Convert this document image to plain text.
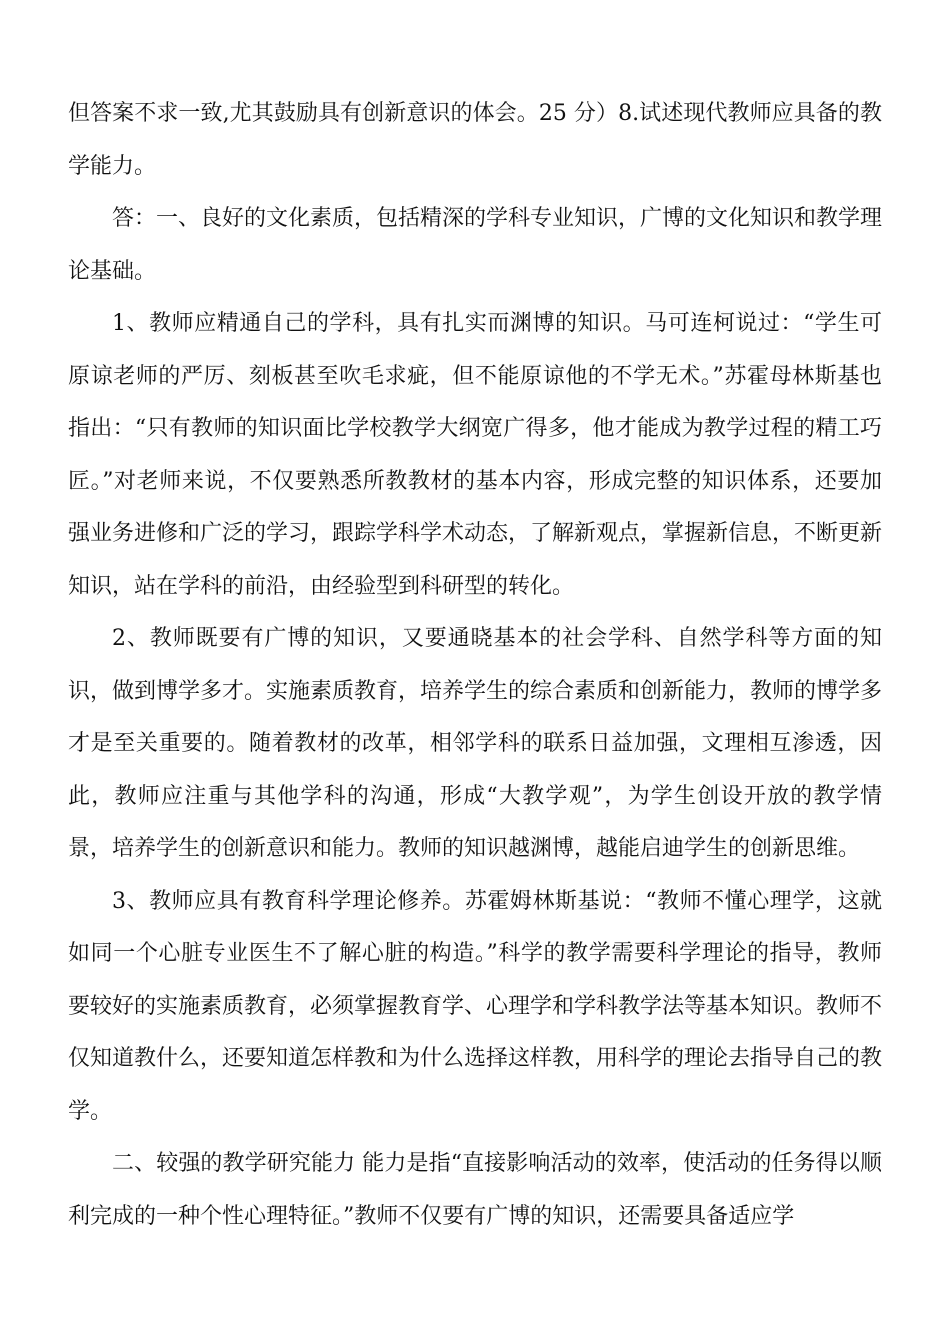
但答案不求一致,尤其鼓励具有创新意识的体会。25 分）8.试述现代教师应具备的教学能力。

答：一、良好的文化素质，包括精深的学科专业知识，广博的文化知识和教学理论基础。

1、教师应精通自己的学科，具有扎实而渊博的知识。马可连柯说过：“学生可原谅老师的严厉、刻板甚至吹毛求疵，但不能原谅他的不学无术。”苏霍母林斯基也指出：“只有教师的知识面比学校教学大纲宽广得多，他才能成为教学过程的精工巧匠。”对老师来说，不仅要熟悉所教教材的基本内容，形成完整的知识体系，还要加强业务进修和广泛的学习，跟踪学科学术动态，了解新观点，掌握新信息，不断更新知识，站在学科的前沿，由经验型到科研型的转化。

2、教师既要有广博的知识，又要通晓基本的社会学科、自然学科等方面的知识，做到博学多才。实施素质教育，培养学生的综合素质和创新能力，教师的博学多才是至关重要的。随着教材的改革，相邻学科的联系日益加强，文理相互渗透，因此，教师应注重与其他学科的沟通，形成“大教学观”，为学生创设开放的教学情景，培养学生的创新意识和能力。教师的知识越渊博，越能启迪学生的创新思维。

3、教师应具有教育科学理论修养。苏霍姆林斯基说：“教师不懂心理学，这就如同一个心脏专业医生不了解心脏的构造。”科学的教学需要科学理论的指导，教师要较好的实施素质教育，必须掌握教育学、心理学和学科教学法等基本知识。教师不仅知道教什么，还要知道怎样教和为什么选择这样教，用科学的理论去指导自己的教学。

二、较强的教学研究能力 能力是指“直接影响活动的效率，使活动的任务得以顺利完成的一种个性心理特征。”教师不仅要有广博的知识，还需要具备适应学
